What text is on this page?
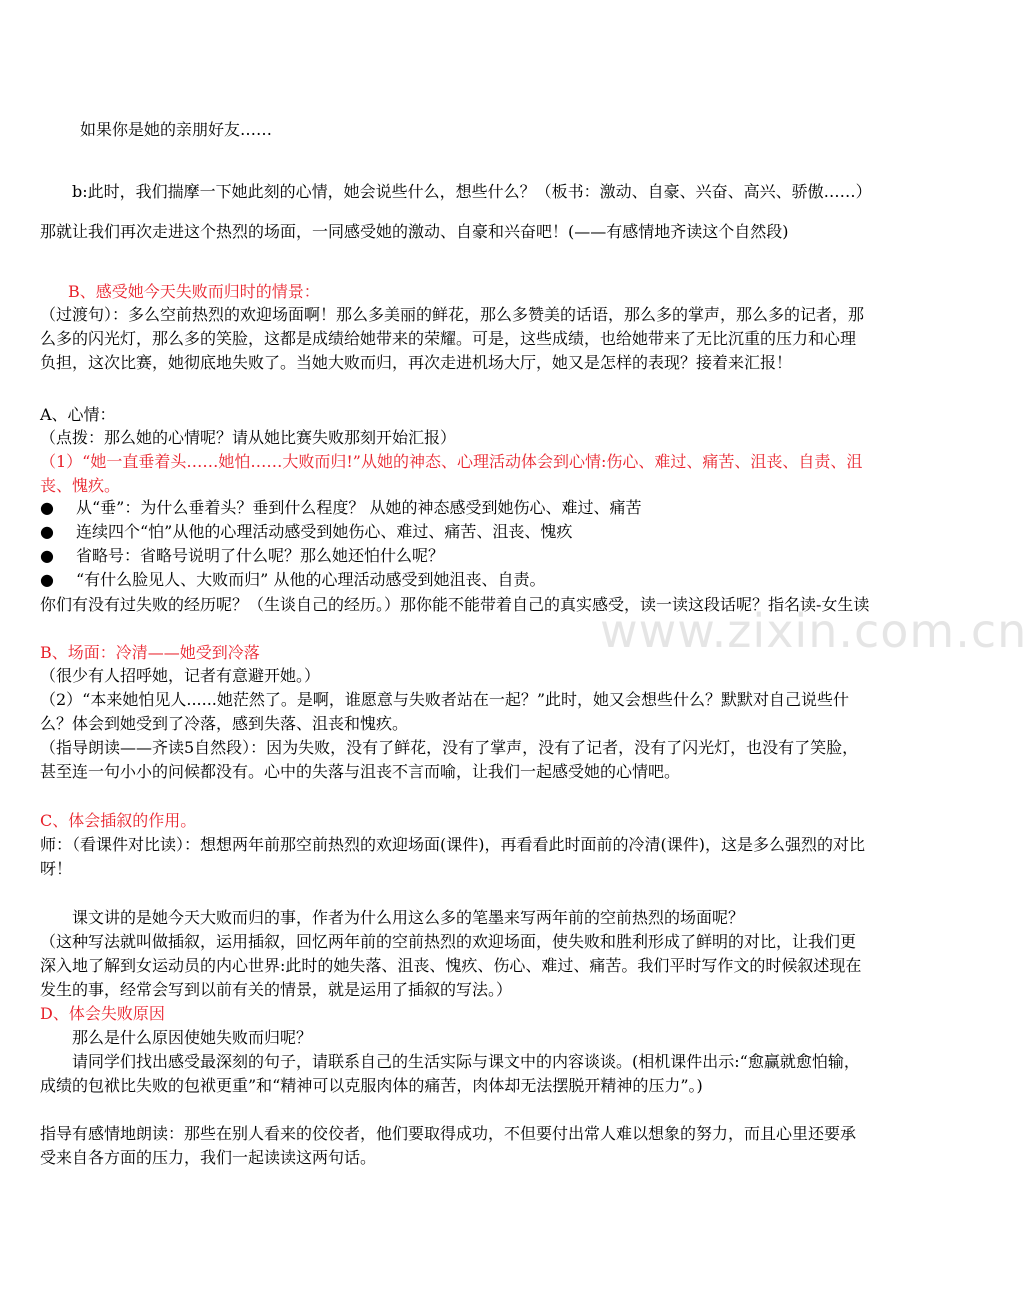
www.zixin.com.cn

如果你是她的亲朋好友……

b:此时，我们揣摩一下她此刻的心情，她会说些什么，想些什么？（板书：激动、自豪、兴奋、高兴、骄傲……）那就让我们再次走进这个热烈的场面，一同感受她的激动、自豪和兴奋吧！(——有感情地齐读这个自然段)

B、感受她今天失败而归时的情景：

（过渡句）：多么空前热烈的欢迎场面啊！那么多美丽的鲜花，那么多赞美的话语，那么多的掌声，那么多的记者，那么多的闪光灯，那么多的笑脸，这都是成绩给她带来的荣耀。可是，这些成绩，也给她带来了无比沉重的压力和心理负担，这次比赛，她彻底地失败了。当她大败而归，再次走进机场大厅，她又是怎样的表现？接着来汇报！

A、心情：

（点拨：那么她的心情呢？请从她比赛失败那刻开始汇报）

（1）“她一直垂着头……她怕……大败而归!”从她的神态、心理活动体会到心情:伤心、难过、痛苦、沮丧、自责、沮丧、愧疚。

● 从“垂”：为什么垂着头？垂到什么程度？ 从她的神态感受到她伤心、难过、痛苦
● 连续四个“怕”从他的心理活动感受到她伤心、难过、痛苦、沮丧、愧疚
● 省略号：省略号说明了什么呢？那么她还怕什么呢？
● “有什么脸见人、大败而归” 从他的心理活动感受到她沮丧、自责。

你们有没有过失败的经历呢？（生谈自己的经历。）那你能不能带着自己的真实感受，读一读这段话呢？指名读-女生读

B、场面：冷清——她受到冷落

（很少有人招呼她，记者有意避开她。）

（2）“本来她怕见人......她茫然了。是啊，谁愿意与失败者站在一起？”此时，她又会想些什么？默默对自己说些什么？体会到她受到了冷落，感到失落、沮丧和愧疚。

（指导朗读——齐读5自然段）：因为失败，没有了鲜花，没有了掌声，没有了记者，没有了闪光灯，也没有了笑脸，甚至连一句小小的问候都没有。心中的失落与沮丧不言而喻，让我们一起感受她的心情吧。

C、体会插叙的作用。

师：（看课件对比读）：想想两年前那空前热烈的欢迎场面(课件)，再看看此时面前的冷清(课件)，这是多么强烈的对比呀！

课文讲的是她今天大败而归的事，作者为什么用这么多的笔墨来写两年前的空前热烈的场面呢？

（这种写法就叫做插叙，运用插叙，回忆两年前的空前热烈的欢迎场面，使失败和胜利形成了鲜明的对比，让我们更深入地了解到女运动员的内心世界:此时的她失落、沮丧、愧疚、伤心、难过、痛苦。我们平时写作文的时候叙述现在发生的事，经常会写到以前有关的情景，就是运用了插叙的写法。）

D、体会失败原因

那么是什么原因使她失败而归呢？

请同学们找出感受最深刻的句子，请联系自己的生活实际与课文中的内容谈谈。(相机课件出示:“愈赢就愈怕输，成绩的包袱比失败的包袱更重”和“精神可以克服肉体的痛苦，肉体却无法摆脱开精神的压力”。)

指导有感情地朗读：那些在别人看来的佼佼者，他们要取得成功，不但要付出常人难以想象的努力，而且心里还要承受来自各方面的压力，我们一起读读这两句话。
